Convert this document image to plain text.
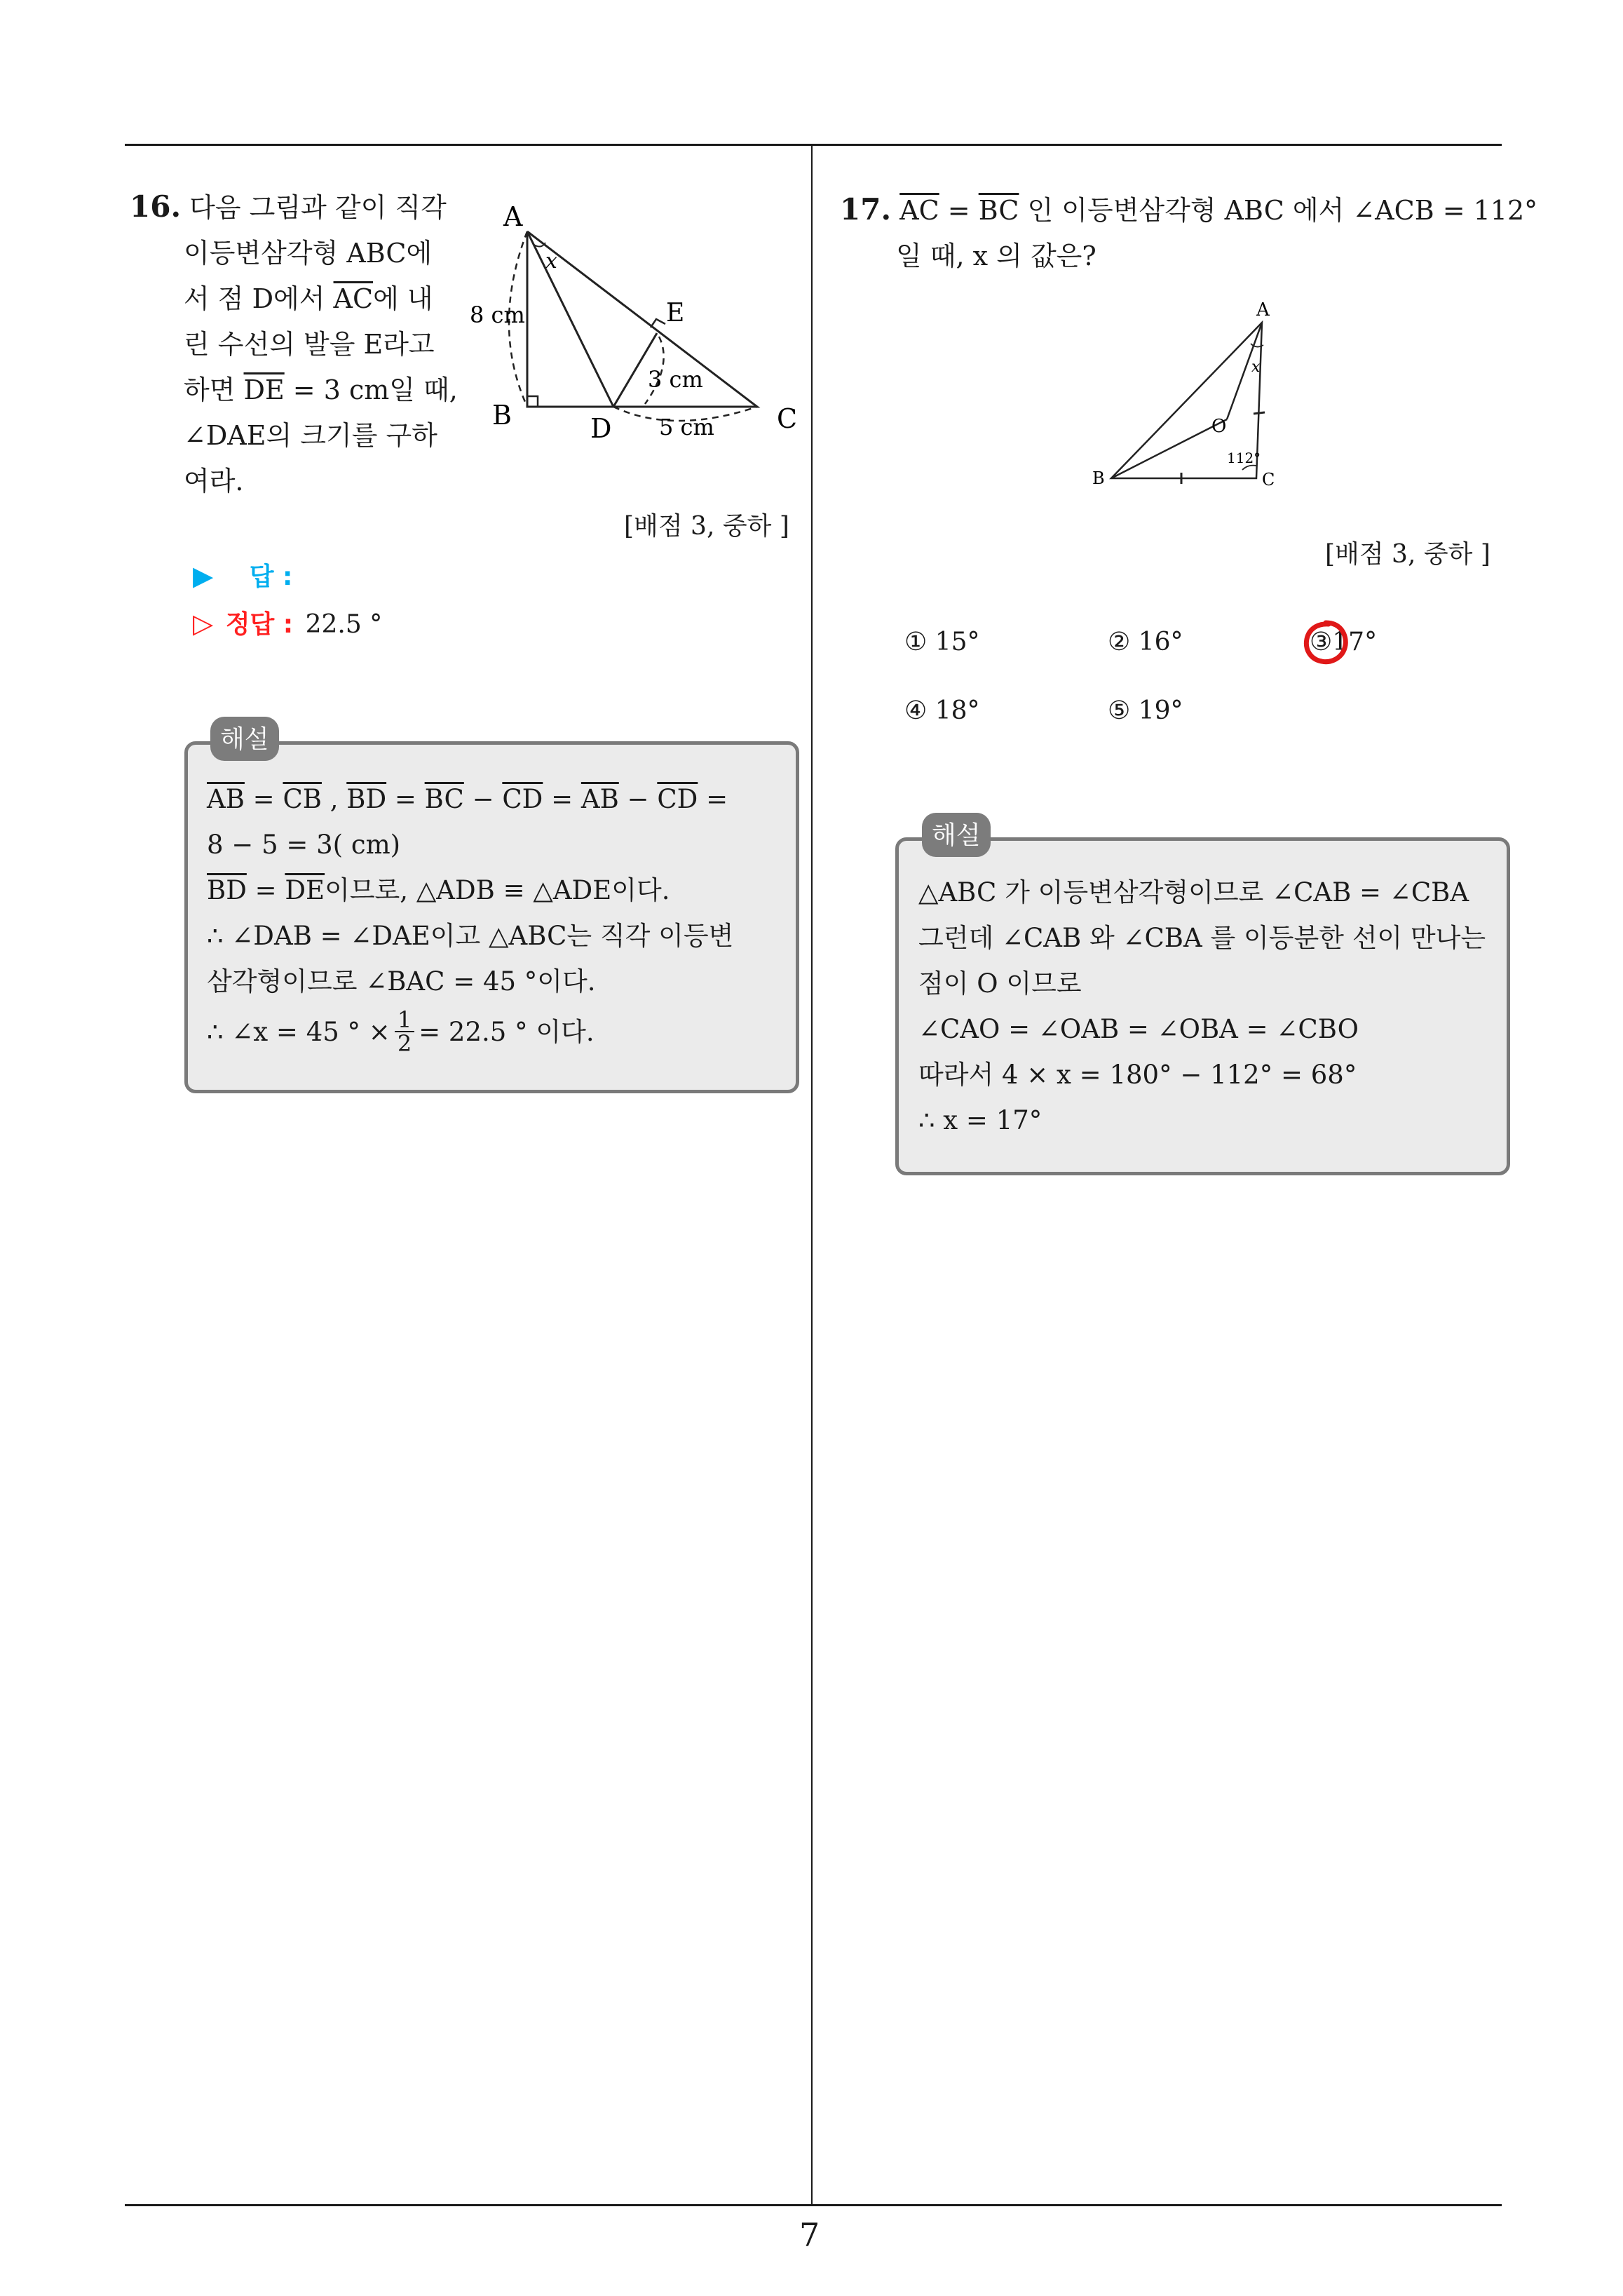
7
16. 다음 그림과 같이 직각
이등변삼각형 ABC에
서 점 D에서 $\overline{AC}$에 내
린 수선의 발을 E라고
하면 $\overline{DE} = 3$ cm일 때,
∠DAE의 크기를 구하
여라.
A
x
8 cm	E
3 cm
B	D 5 cm C
[배점 3, 중하 ]
▶ 답 :
▷ 정답 : 22.5 °
해설
$\overline{AB} = \overline{CB}$ , $\overline{BD} = \overline{BC} - \overline{CD} = \overline{AB} - \overline{CD}$ =
8 − 5 = 3( cm)
$\overline{BD} = \overline{DE}$이므로, △ADB ≡ △ADE이다.
∴ ∠DAB = ∠DAE이고 △ABC는 직각 이등변
삼각형이므로 ∠BAC = 45 °이다.
∴ ∠x = 45 ° × $\frac{1}{2} = 22.5$ ° 이다.
17. $\overline{AC} = \overline{BC}$ 인 이등변삼각형 ABC 에서 ∠ACB = 112°
일 때, x 의 값은?
A
x
O
112°
B	C
[배점 3, 중하 ]
① 15°	② 16°	③17°
④ 18°	⑤ 19°
해설
△ABC 가 이등변삼각형이므로 ∠CAB = ∠CBA
그런데 ∠CAB 와 ∠CBA 를 이등분한 선이 만나는
점이 O 이므로
∠CAO = ∠OAB = ∠OBA = ∠CBO
따라서 4 × x = 180° − 112° = 68°
∴ x = 17°
